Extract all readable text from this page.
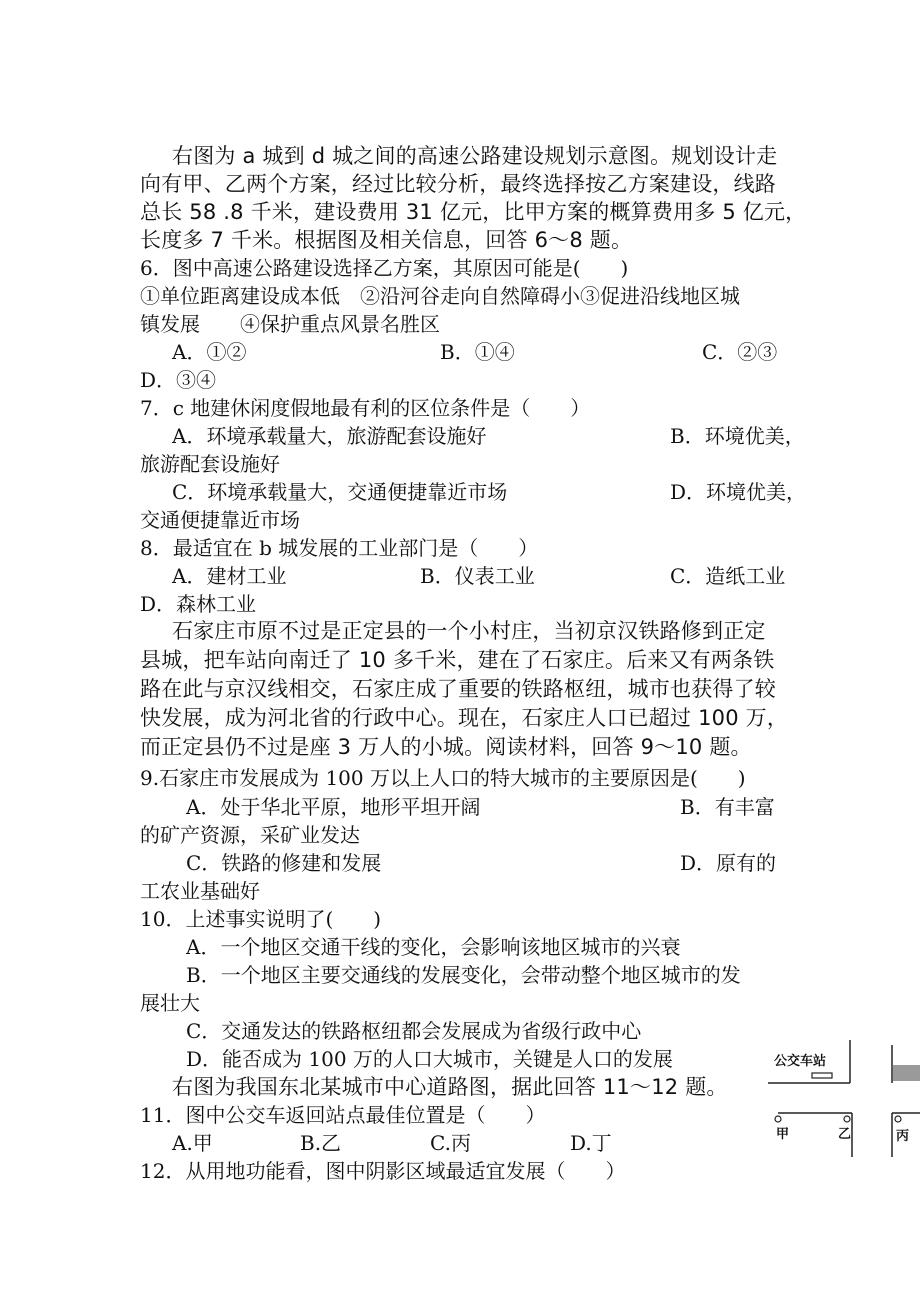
右图为 a 城到 d 城之间的高速公路建设规划示意图。规划设计走
向有甲、乙两个方案，经过比较分析，最终选择按乙方案建设，线路
总长 58 .8 千米，建设费用 31 亿元，比甲方案的概算费用多 5 亿元，
长度多 7 千米。根据图及相关信息，回答 6～8 题。
6．图中高速公路建设选择乙方案，其原因可能是(　　)
①单位距离建设成本低　②沿河谷走向自然障碍小③促进沿线地区城
镇发展　　④保护重点风景名胜区
A．①②	B．①④	C．②③
D．③④
7．c 地建休闲度假地最有利的区位条件是（　　）
A．环境承载量大，旅游配套设施好	B．环境优美，
旅游配套设施好
C．环境承载量大，交通便捷靠近市场	D．环境优美，
交通便捷靠近市场
8．最适宜在 b 城发展的工业部门是（　　）
A．建材工业	B．仪表工业	C．造纸工业
D．森林工业
石家庄市原不过是正定县的一个小村庄，当初京汉铁路修到正定
县城，把车站向南迁了 10 多千米，建在了石家庄。后来又有两条铁
路在此与京汉线相交，石家庄成了重要的铁路枢纽，城市也获得了较
快发展，成为河北省的行政中心。现在，石家庄人口已超过 100 万，
而正定县仍不过是座 3 万人的小城。阅读材料，回答 9～10 题。
9.石家庄市发展成为 100 万以上人口的特大城市的主要原因是(　　)
A．处于华北平原，地形平坦开阔	B．有丰富
的矿产资源，采矿业发达
C．铁路的修建和发展	D．原有的
工农业基础好
10．上述事实说明了(　　)
A．一个地区交通干线的变化，会影响该地区城市的兴衰
B．一个地区主要交通线的发展变化，会带动整个地区城市的发
展壮大
C．交通发达的铁路枢纽都会发展成为省级行政中心
D．能否成为 100 万的人口大城市，关键是人口的发展
右图为我国东北某城市中心道路图，据此回答 11～12 题。
11．图中公交车返回站点最佳位置是（　　）
A.甲	B.乙	C.丙	D.丁
12．从用地功能看，图中阴影区域最适宜发展（　　）
公交车站
甲	乙	丙
